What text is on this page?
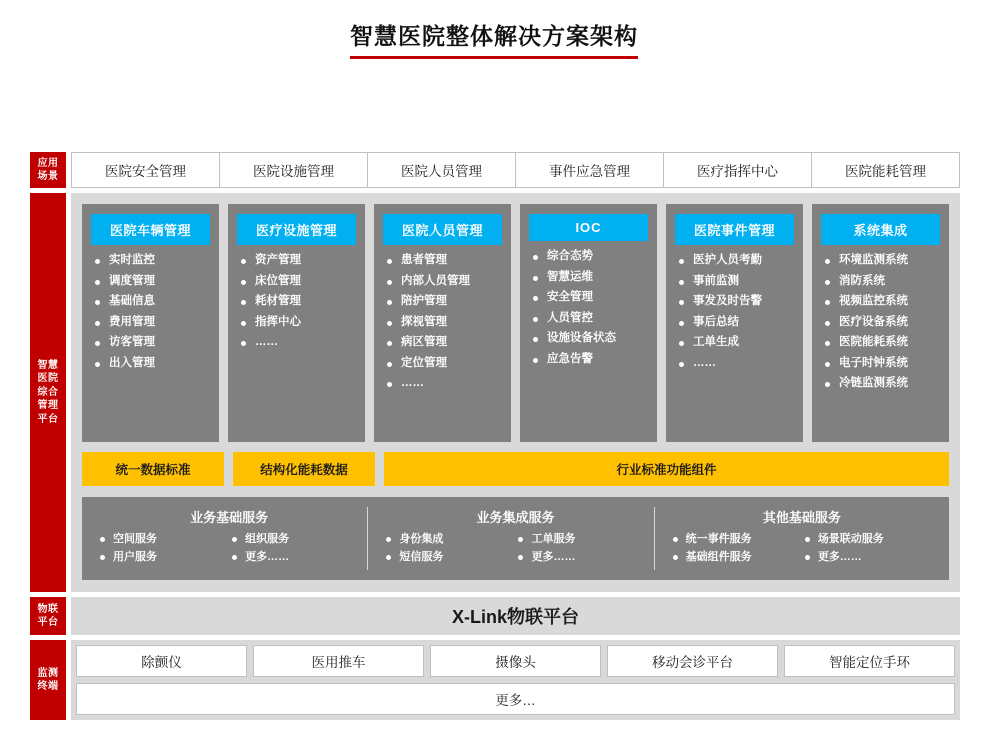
智慧医院整体解决方案架构
应用
场景	医院安全管理	医院设施管理	医院人员管理	事件应急管理	医疗指挥中心	医院能耗管理
智慧
医院
综合
管理
平台
医院车辆管理
实时监控
调度管理
基础信息
费用管理
访客管理
出入管理
医疗设施管理
资产管理
床位管理
耗材管理
指挥中心
……
医院人员管理
患者管理
内部人员管理
陪护管理
探视管理
病区管理
定位管理
……
IOC
综合态势
智慧运维
安全管理
人员管控
设施设备状态
应急告警
医院事件管理
医护人员考勤
事前监测
事发及时告警
事后总结
工单生成
……
系统集成
环境监测系统
消防系统
视频监控系统
医疗设备系统
医院能耗系统
电子时钟系统
冷链监测系统
统一数据标准	结构化能耗数据	行业标准功能组件
业务基础服务
空间服务	组织服务
用户服务	更多……
业务集成服务
身份集成	工单服务
短信服务	更多……
其他基础服务
统一事件服务	场景联动服务
基础组件服务	更多……
物联
平台	X-Link物联平台
监测
终端
除颤仪	医用推车	摄像头	移动会诊平台	智能定位手环
更多…
